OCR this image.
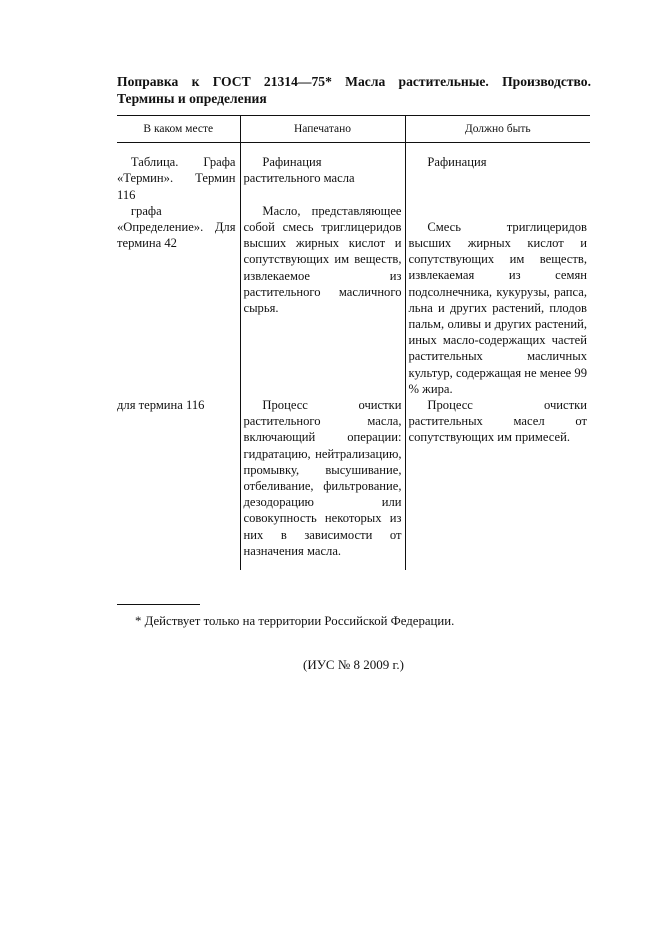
Поправка к ГОСТ 21314—75* Масла растительные. Производство. Термины и определения

В каком месте	Напечатано	Должно быть
Таблица. Графа «Термин». Термин 116	Рафинация растительного масла	Рафинация
графа «Определение». Для термина 42	Масло, представляющее собой смесь триглицеридов высших жирных кислот и сопутствующих им веществ, извлекаемое из растительного масличного сырья.	Смесь триглицеридов высших жирных кислот и сопутствующих им веществ, извлекаемая из семян подсолнечника, кукурузы, рапса, льна и других растений, плодов пальм, оливы и других растений, иных масло-содержащих частей растительных масличных культур, содержащая не менее 99 % жира.
для термина 116	Процесс очистки растительного масла, включающий операции: гидратацию, нейтрализацию, промывку, высушивание, отбеливание, фильтрование, дезодорацию или совокупность некоторых из них в зависимости от назначения масла.	Процесс очистки растительных масел от сопутствующих им примесей.

* Действует только на территории Российской Федерации.

(ИУС № 8 2009 г.)
